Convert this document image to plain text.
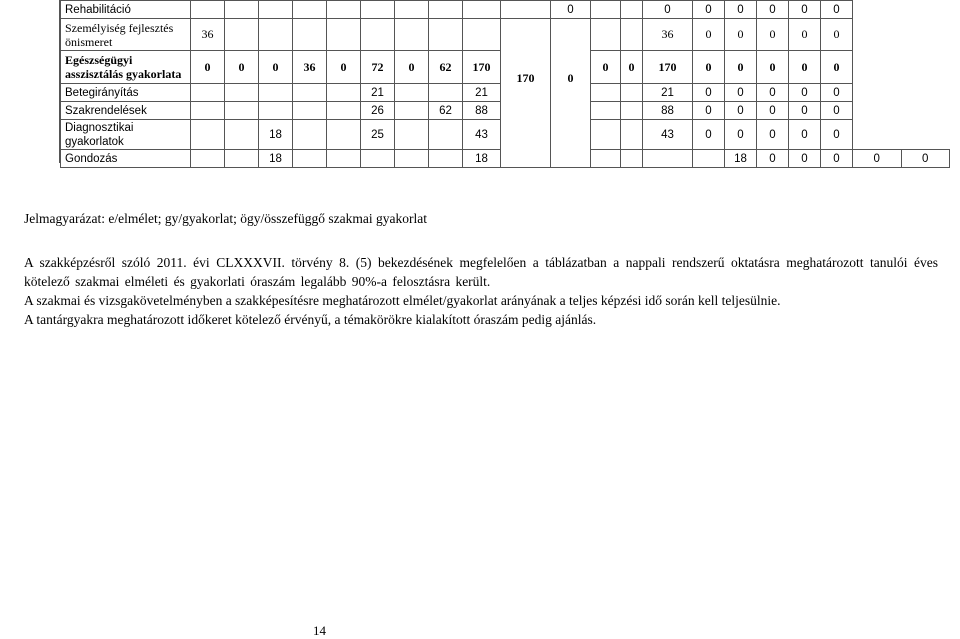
Rehabilitáció											0			0	0	0	0	0	0		
Személyiség fejlesztés önismeret	36									170	0			36	0	0	0	0	0		
Egészségügyi asszisztálás gyakorlata	0	0	0	36	0	72	0	62	170			0	0	170	0	0	0	0	0		
Betegirányítás						21			21					21	0	0	0	0	0		
Szakrendelések						26		62	88					88	0	0	0	0	0		
Diagnosztikai gyakorlatok			18			25			43					43	0	0	0	0	0		
Gondozás			18						18							18	0	0	0	0	0
Jelmagyarázat: e/elmélet; gy/gyakorlat; ögy/összefüggő szakmai gyakorlat

A szakképzésről szóló 2011. évi CLXXXVII. törvény 8. (5) bekezdésének megfelelően a táblázatban a nappali rendszerű oktatásra meghatározott tanulói éves kötelező szakmai elméleti és gyakorlati óraszám legalább 90%-a felosztásra került.

A szakmai és vizsgakövetelményben a szakképesítésre meghatározott elmélet/gyakorlat arányának a teljes képzési idő során kell teljesülnie.

A tantárgyakra meghatározott időkeret kötelező érvényű, a témakörökre kialakított óraszám pedig ajánlás.

14
